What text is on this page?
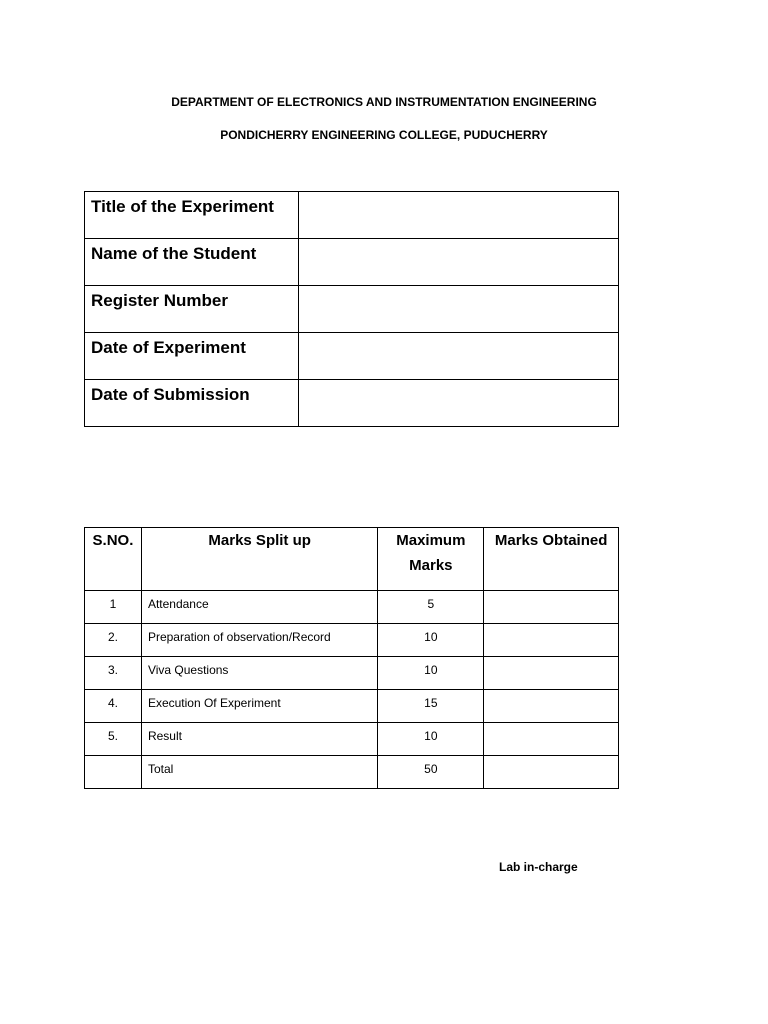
DEPARTMENT OF ELECTRONICS AND INSTRUMENTATION ENGINEERING
PONDICHERRY ENGINEERING COLLEGE, PUDUCHERRY
Title of the Experiment	
Name of the Student	
Register Number	
Date of Experiment	
Date of Submission	
S.NO.	Marks Split up	Maximum Marks	Marks Obtained
1	Attendance	5	
2.	Preparation of observation/Record	10	
3.	Viva Questions	10	
4.	Execution Of Experiment	15	
5.	Result	10	
	Total	50	
Lab in-charge
